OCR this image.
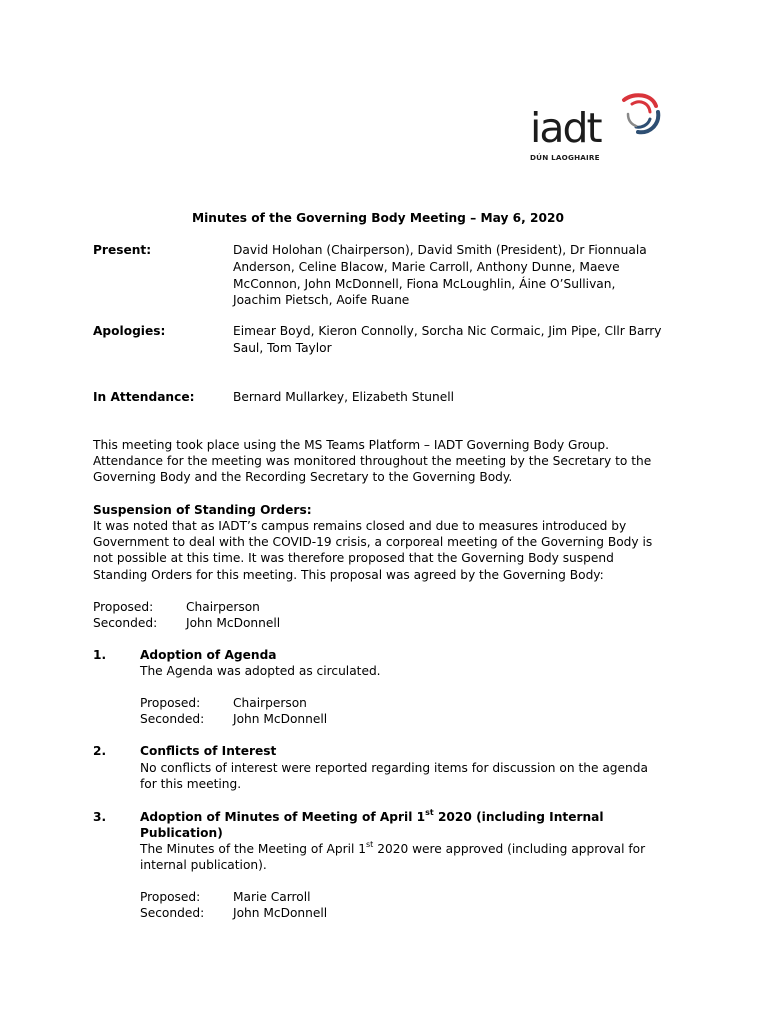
iadt
DÚN LAOGHAIRE
Minutes of the Governing Body Meeting – May 6, 2020
Present:	David Holohan (Chairperson), David Smith (President), Dr Fionnuala
Anderson, Celine Blacow, Marie Carroll, Anthony Dunne, Maeve
McConnon, John McDonnell, Fiona McLoughlin, Áine O’Sullivan,
Joachim Pietsch, Aoife Ruane
Apologies:	Eimear Boyd, Kieron Connolly, Sorcha Nic Cormaic, Jim Pipe, Cllr Barry
Saul, Tom Taylor
In Attendance:	Bernard Mullarkey, Elizabeth Stunell
This meeting took place using the MS Teams Platform – IADT Governing Body Group.
Attendance for the meeting was monitored throughout the meeting by the Secretary to the
Governing Body and the Recording Secretary to the Governing Body.
Suspension of Standing Orders:
It was noted that as IADT’s campus remains closed and due to measures introduced by
Government to deal with the COVID-19 crisis, a corporeal meeting of the Governing Body is
not possible at this time. It was therefore proposed that the Governing Body suspend
Standing Orders for this meeting. This proposal was agreed by the Governing Body:
Proposed:	Chairperson
Seconded: John McDonnell
1.	Adoption of Agenda
The Agenda was adopted as circulated.
Proposed:	Chairperson
Seconded: John McDonnell
2.	Conflicts of Interest
No conflicts of interest were reported regarding items for discussion on the agenda
for this meeting.
3.	Adoption of Minutes of Meeting of April 1st 2020 (including Internal
Publication)
The Minutes of the Meeting of April 1st 2020 were approved (including approval for
internal publication).
Proposed:	Marie Carroll
Seconded: John McDonnell
